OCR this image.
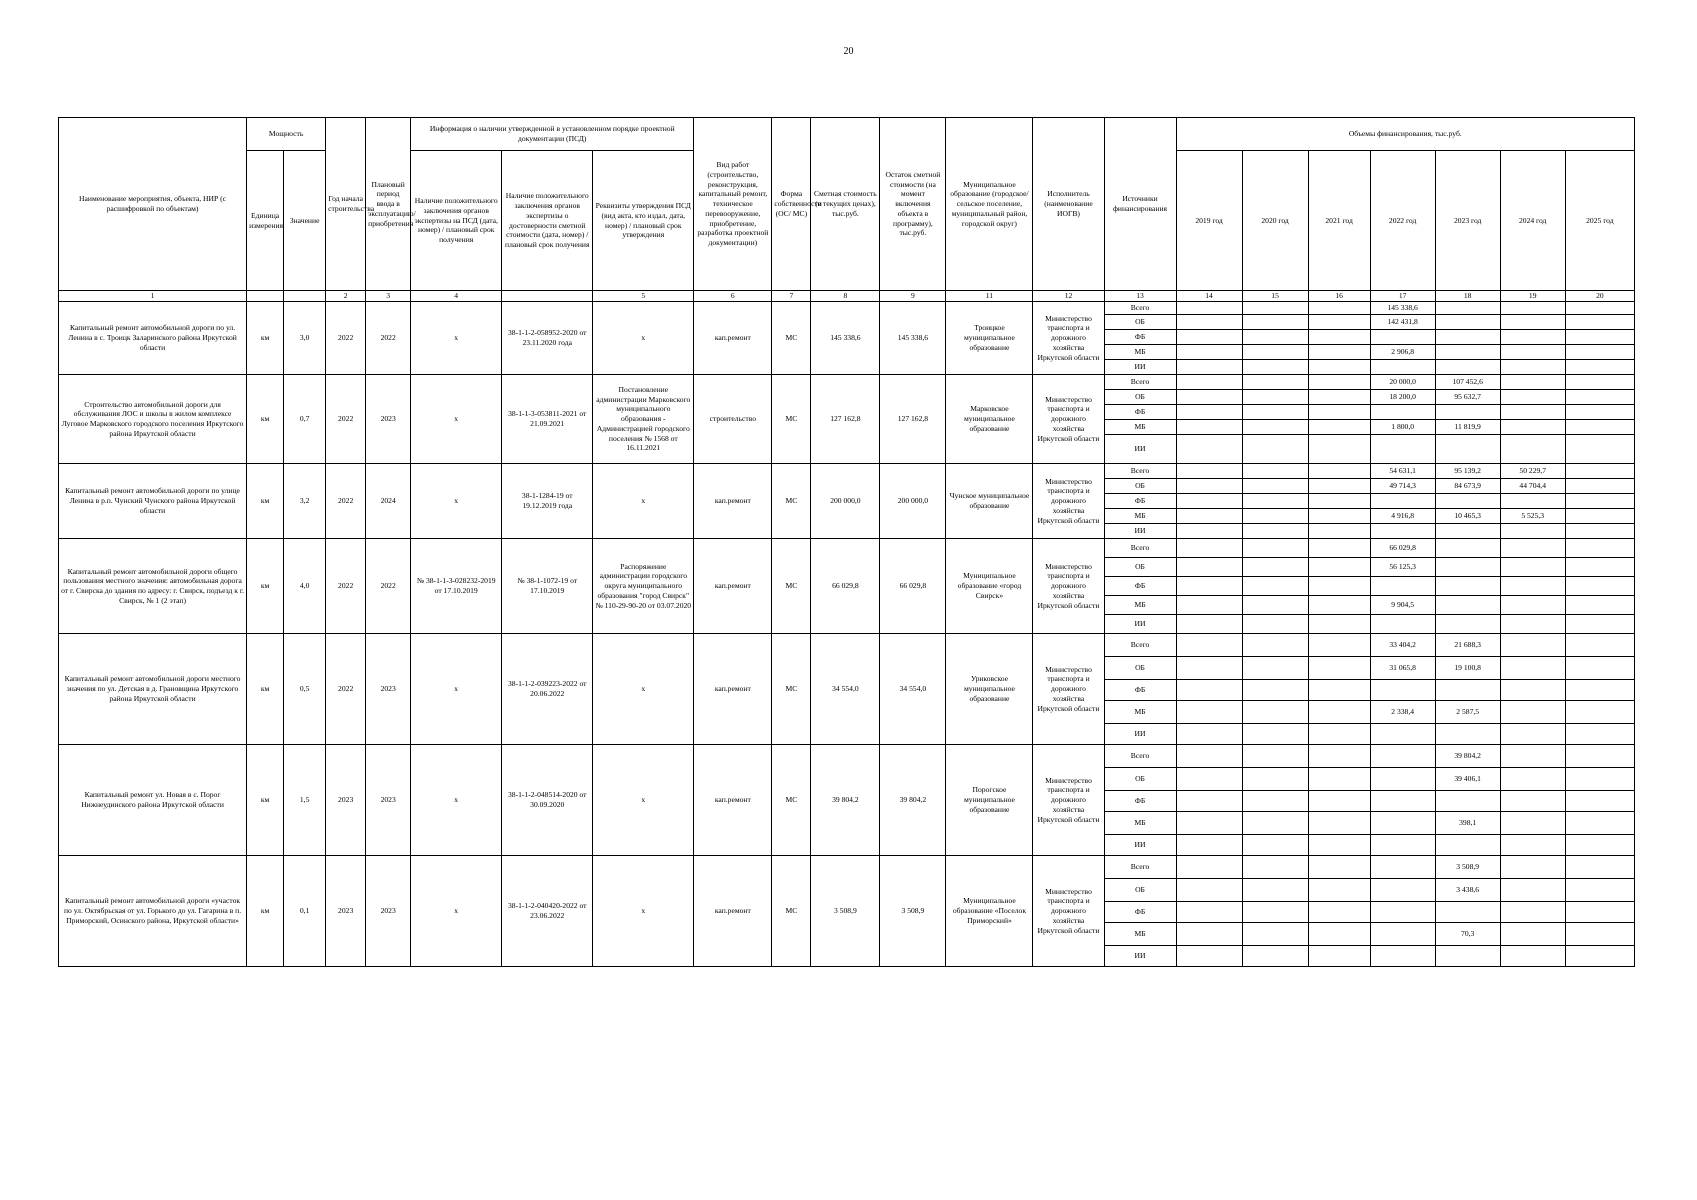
20
Наименование мероприятия, объекта, НИР (с расшифровкой по объектам)	Мощность		Год начала строительства	Плановый период ввода в эксплуатацию/приобретения	Информация о наличии утвержденной в установленном порядке проектной документации (ПСД)			Вид работ (строительство, реконструкция, капитальный ремонт, техническое перевооружение, приобретение, разработка проектной документации)	Форма собственности (ОС/ МС)	Сметная стоимость (в текущих ценах), тыс.руб.	Остаток сметной стоимости (на момент включения объекта в программу), тыс.руб.	Муниципальное образование (городское/сельское поселение, муниципальный район, городской округ)	Исполнитель (наименование ИОГВ)	Источники финансирования	Объемы финансирования, тыс.руб.						
	Единица измерения	Значение			Наличие положительного заключения органов экспертизы на ПСД (дата, номер) / плановый срок получения	Наличие положительного заключения органов экспертизы о достоверности сметной стоимости (дата, номер) / плановый срок получения	Реквизиты утверждения ПСД (вид акта, кто издал, дата, номер) / плановый срок утверждения								2019 год	2020 год	2021 год	2022 год	2023 год	2024 год	2025 год
1			2	3	4		5	6	7	8	9	11	12	13	14	15	16	17	18	19	20
Капитальный ремонт автомобильной дороги по ул. Ленина в с. Троицк Заларинского района Иркутской области	км	3,0	2022	2022	х	38-1-1-2-058952-2020 от 23.11.2020 года	х	кап.ремонт	МС	145 338,6	145 338,6	Троицкое муниципальное образование	Министерство транспорта и дорожного хозяйства Иркутской области	Всего				145 338,6			
														ОБ				142 431,8			
														ФБ							
														МБ				2 906,8			
														ИИ							
Строительство автомобильной дороги для обслуживания ЛОС и школы в жилом комплексе Луговое Марковского городского поселения Иркутского района Иркутской области	км	0,7	2022	2023	х	38-1-1-3-053811-2021 от 21.09.2021	Постановление администрации Марковского муниципального образования - Администрацией городского поселения № 1568 от 16.11.2021	строительство	МС	127 162,8	127 162,8	Марковское муниципальное образование	Министерство транспорта и дорожного хозяйства Иркутской области	Всего				20 000,0	107 452,6		
														ОБ				18 200,0	95 632,7		
														ФБ							
														МБ				1 800,0	11 819,9		
														ИИ							
Капитальный ремонт автомобильной дороги по улице Ленина в р.п. Чунский Чунского района Иркутской области	км	3,2	2022	2024	х	38-1-1284-19 от 19.12.2019 года	х	кап.ремонт	МС	200 000,0	200 000,0	Чунское муниципальное образование	Министерство транспорта и дорожного хозяйства Иркутской области	Всего				54 631,1	95 139,2	50 229,7	
														ОБ				49 714,3	84 673,9	44 704,4	
														ФБ							
														МБ				4 916,8	10 465,3	5 525,3	
														ИИ							
Капитальный ремонт автомобильной дороги общего пользования местного значения: автомобильная дорога от г. Свирска до здания по адресу: г. Свирск, подъезд к г. Свирск, № 1 (2 этап)	км	4,0	2022	2022	№ 38-1-1-3-028232-2019 от 17.10.2019	№ 38-1-1072-19 от 17.10.2019	Распоряжение администрации городского округа муниципального образования "город Свирск" № 110-29-90-20 от 03.07.2020	кап.ремонт	МС	66 029,8	66 029,8	Муниципальное образование «город Свирск»	Министерство транспорта и дорожного хозяйства Иркутской области	Всего				66 029,8			
														ОБ				56 125,3			
														ФБ							
														МБ				9 904,5			
														ИИ							
Капитальный ремонт автомобильной дороги местного значения по ул. Детская в д. Грановщина Иркутского района Иркутской области	км	0,5	2022	2023	х	38-1-1-2-039223-2022 от 20.06.2022	х	кап.ремонт	МС	34 554,0	34 554,0	Уриковское муниципальное образование	Министерство транспорта и дорожного хозяйства Иркутской области	Всего				33 404,2	21 688,3		
														ОБ				31 065,8	19 100,8		
														ФБ							
														МБ				2 338,4	2 587,5		
														ИИ							
Капитальный ремонт ул. Новая в с. Порог Нижнеудинского района Иркутской области	км	1,5	2023	2023	х	38-1-1-2-048514-2020 от 30.09.2020	х	кап.ремонт	МС	39 804,2	39 804,2	Порогское муниципальное образование	Министерство транспорта и дорожного хозяйства Иркутской области	Всего					39 804,2		
														ОБ					39 406,1		
														ФБ							
														МБ					398,1		
														ИИ							
Капитальный ремонт автомобильной дороги «участок по ул. Октябрьская от ул. Горького до ул. Гагарина в п. Приморский, Осинского района, Иркутской области»	км	0,1	2023	2023	х	38-1-1-2-040420-2022 от 23.06.2022	х	кап.ремонт	МС	3 508,9	3 508,9	Муниципальное образование «Поселок Приморский»	Министерство транспорта и дорожного хозяйства Иркутской области	Всего					3 508,9		
														ОБ					3 438,6		
														ФБ							
														МБ					70,3		
														ИИ							
